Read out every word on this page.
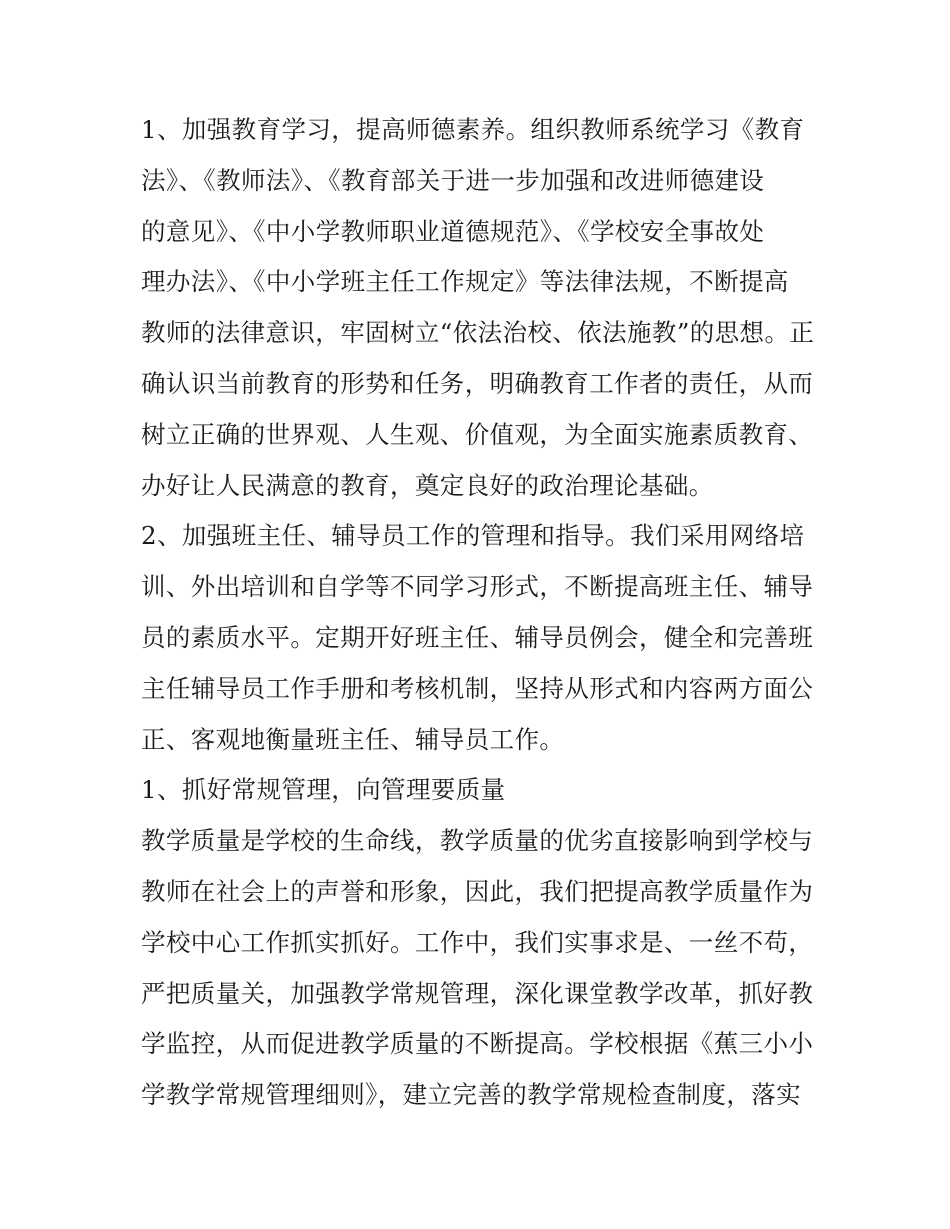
1、加强教育学习，提高师德素养。组织教师系统学习《教育
法》、《教师法》、《教育部关于进一步加强和改进师德建设
的意见》、《中小学教师职业道德规范》、《学校安全事故处
理办法》、《中小学班主任工作规定》等法律法规，不断提高
教师的法律意识，牢固树立“依法治校、依法施教”的思想。正
确认识当前教育的形势和任务，明确教育工作者的责任，从而
树立正确的世界观、人生观、价值观，为全面实施素质教育、
办好让人民满意的教育，奠定良好的政治理论基础。
2、加强班主任、辅导员工作的管理和指导。我们采用网络培
训、外出培训和自学等不同学习形式，不断提高班主任、辅导
员的素质水平。定期开好班主任、辅导员例会，健全和完善班
主任辅导员工作手册和考核机制，坚持从形式和内容两方面公
正、客观地衡量班主任、辅导员工作。
1、抓好常规管理，向管理要质量
教学质量是学校的生命线，教学质量的优劣直接影响到学校与
教师在社会上的声誉和形象，因此，我们把提高教学质量作为
学校中心工作抓实抓好。工作中，我们实事求是、一丝不苟，
严把质量关，加强教学常规管理，深化课堂教学改革，抓好教
学监控，从而促进教学质量的不断提高。学校根据《蕉三小小
学教学常规管理细则》，建立完善的教学常规检查制度，落实
